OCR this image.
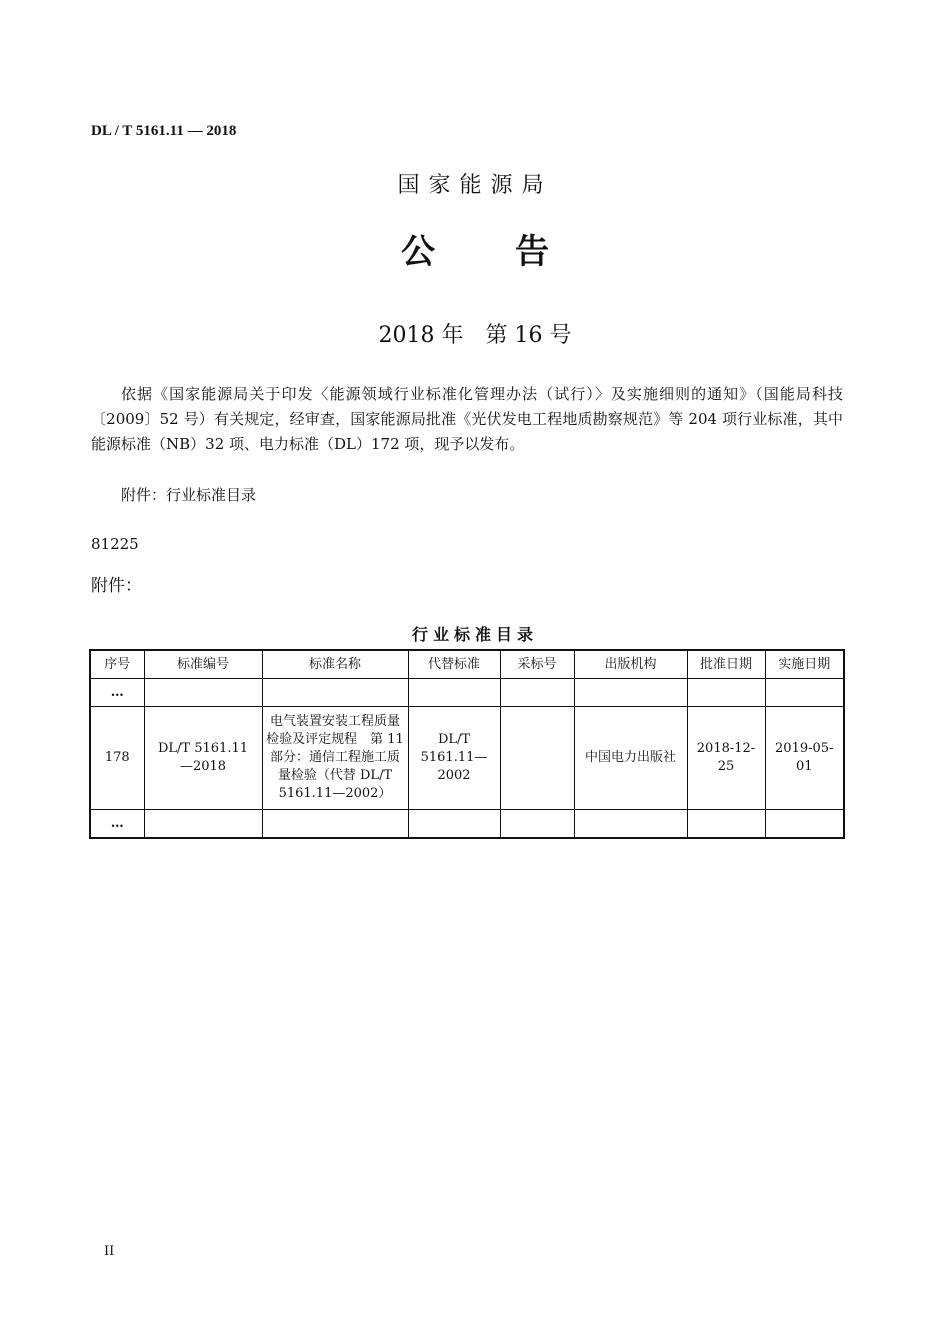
DL / T 5161.11 — 2018
国家能源局
公 告
2018 年　第 16 号
依据《国家能源局关于印发〈能源领域行业标准化管理办法（试行）〉及实施细则的通知》（国能局科技〔2009〕52 号）有关规定，经审查，国家能源局批准《光伏发电工程地质勘察规范》等 204 项行业标准，其中能源标准（NB）32 项、电力标准（DL）172 项，现予以发布。
附件：行业标准目录
81225
附件：
行业标准目录
序号	标准编号	标准名称	代替标准	采标号	出版机构	批准日期	实施日期
…							
178	DL/T 5161.11—2018	电气装置安装工程质量检验及评定规程　第 11 部分：通信工程施工质量检验（代替 DL/T 5161.11—2002）	DL/T 5161.11—2002		中国电力出版社	2018-12-25	2019-05-01
…							
II
